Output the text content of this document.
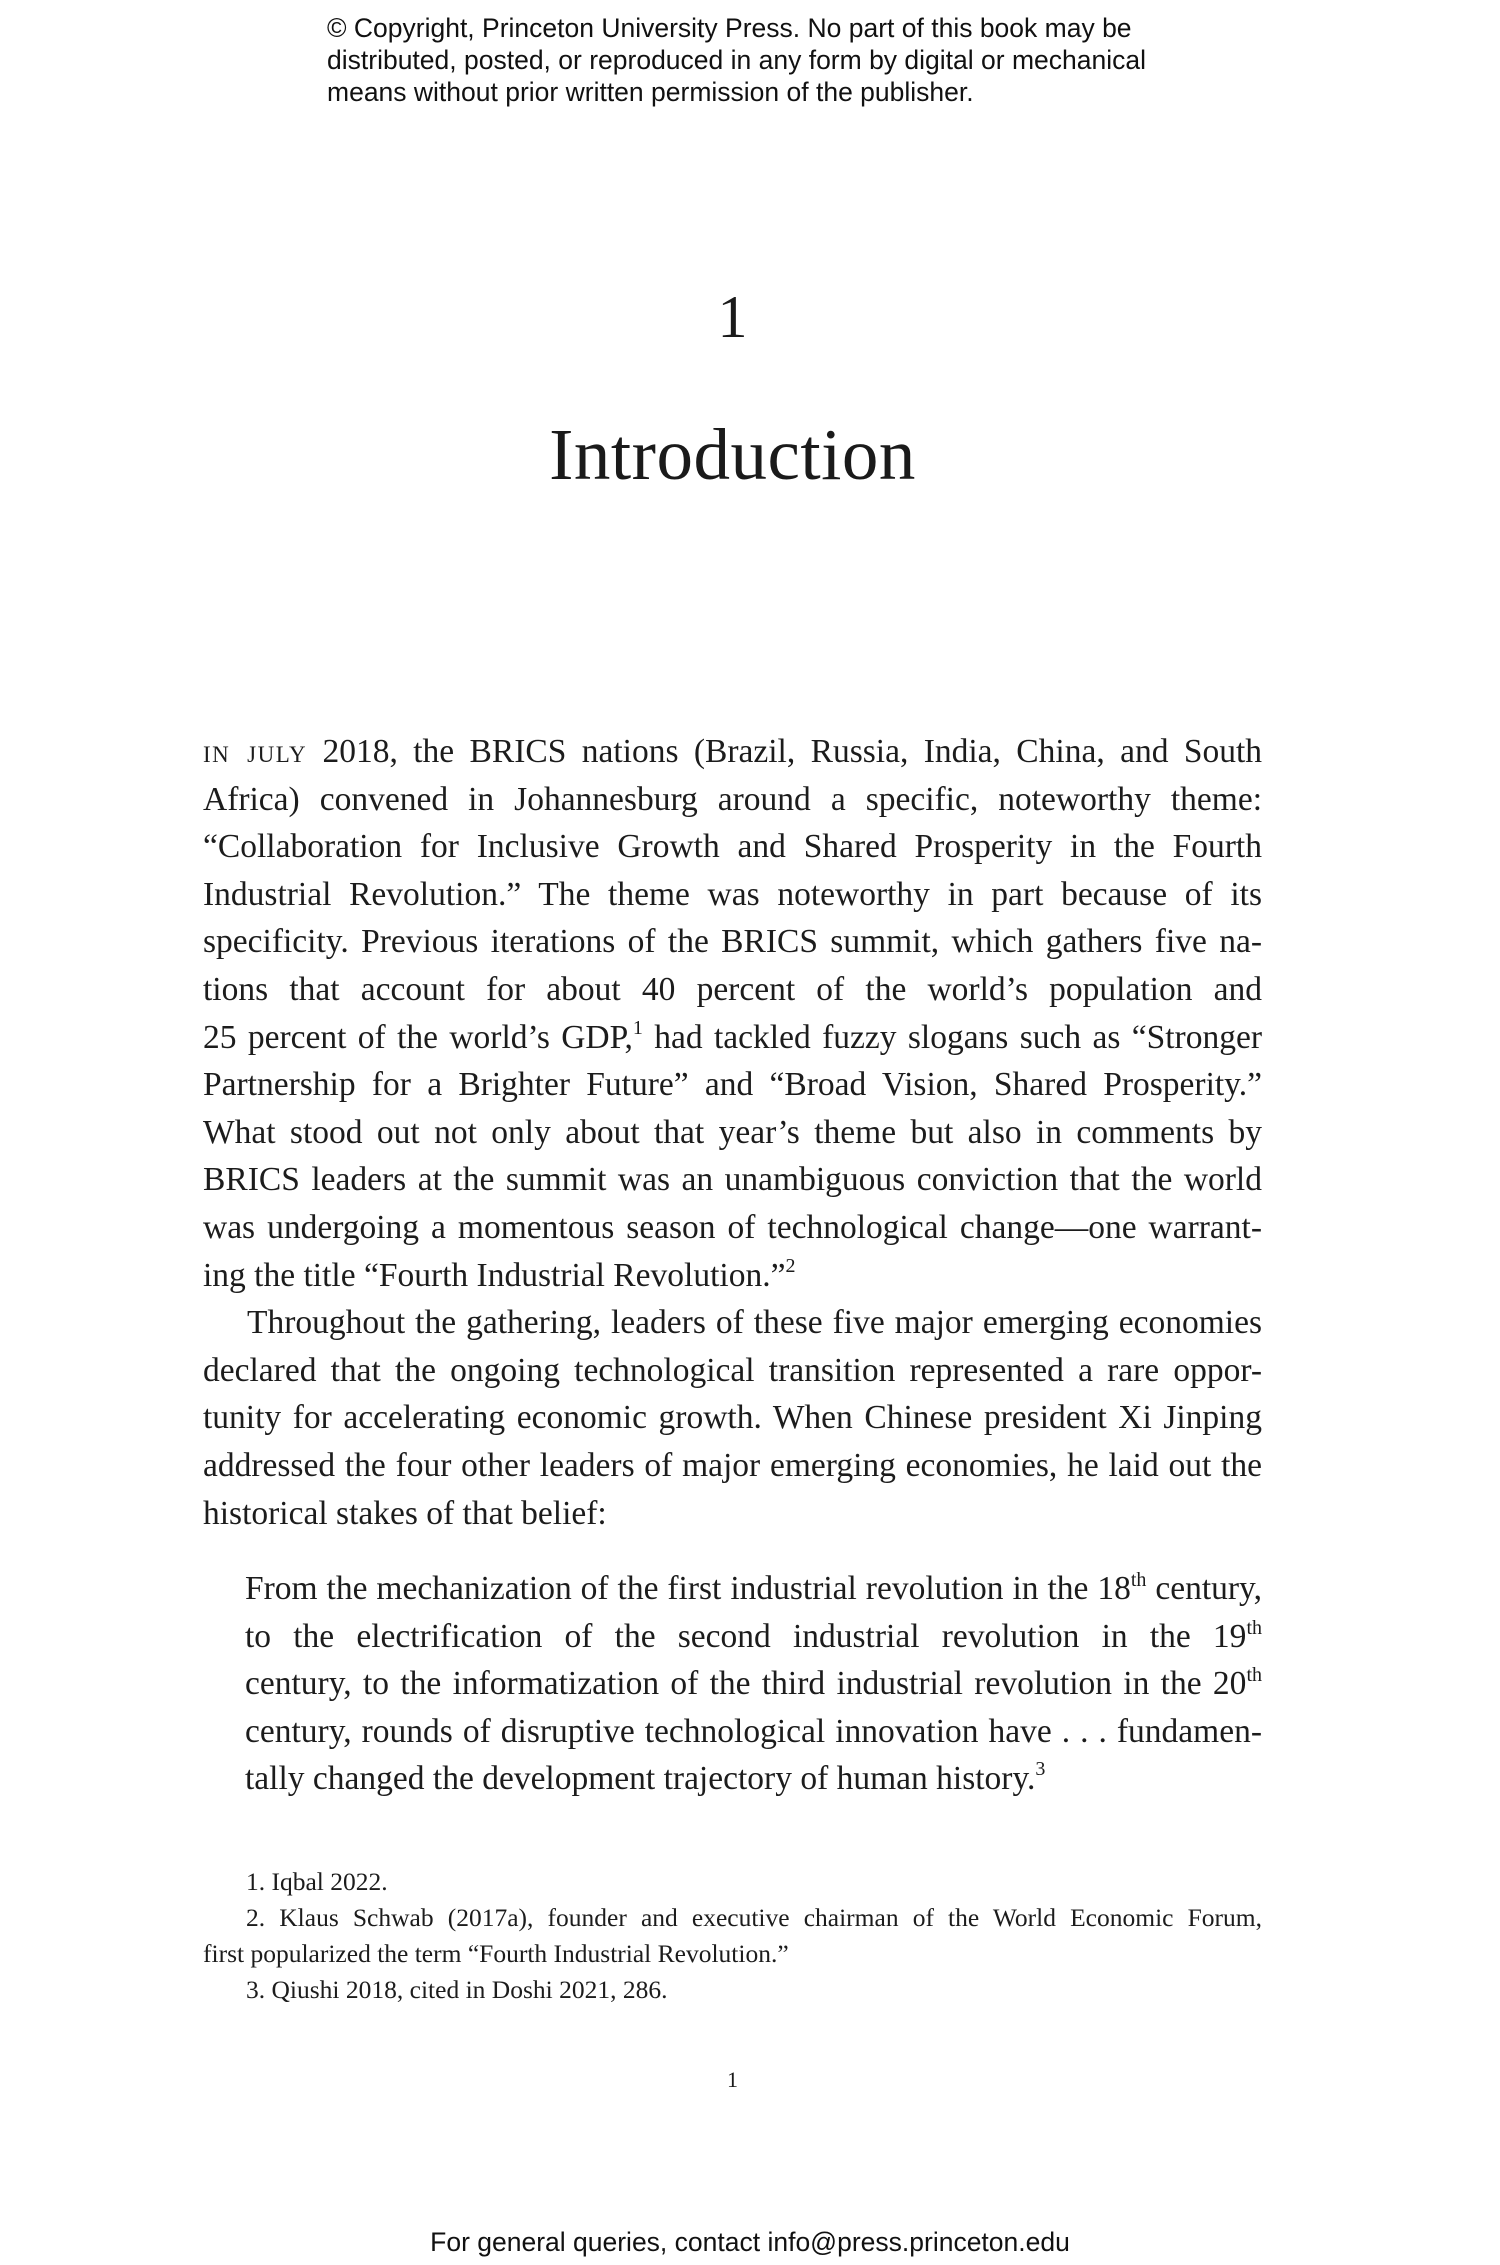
© Copyright, Princeton University Press. No part of this book may be
distributed, posted, or reproduced in any form by digital or mechanical
means without prior written permission of the publisher.
1
Introduction
in july 2018, the BRICS nations (Brazil, Russia, India, China, and South
Africa) convened in Johannesburg around a specific, noteworthy theme:
“Collaboration for Inclusive Growth and Shared Prosperity in the Fourth
Industrial Revolution.” The theme was noteworthy in part because of its
specificity. Previous iterations of the BRICS summit, which gathers five na-
tions that account for about 40 percent of the world’s population and
25 percent of the world’s GDP,$^1$ had tackled fuzzy slogans such as “Stronger
Partnership for a Brighter Future” and “Broad Vision, Shared Prosperity.”
What stood out not only about that year’s theme but also in comments by
BRICS leaders at the summit was an unambiguous conviction that the world
was undergoing a momentous season of technological change—one warrant-
ing the title “Fourth Industrial Revolution.”$^2$
Throughout the gathering, leaders of these five major emerging economies
declared that the ongoing technological transition represented a rare oppor-
tunity for accelerating economic growth. When Chinese president Xi Jinping
addressed the four other leaders of major emerging economies, he laid out the
historical stakes of that belief:
From the mechanization of the first industrial revolution in the 18th century,
to the electrification of the second industrial revolution in the 19th
century, to the informatization of the third industrial revolution in the 20th
century, rounds of disruptive technological innovation have . . . fundamen-
tally changed the development trajectory of human history.$^3$
1. Iqbal 2022.
2. Klaus Schwab (2017a), founder and executive chairman of the World Economic Forum,
first popularized the term “Fourth Industrial Revolution.”
3. Qiushi 2018, cited in Doshi 2021, 286.
1
For general queries, contact info@press.princeton.edu
